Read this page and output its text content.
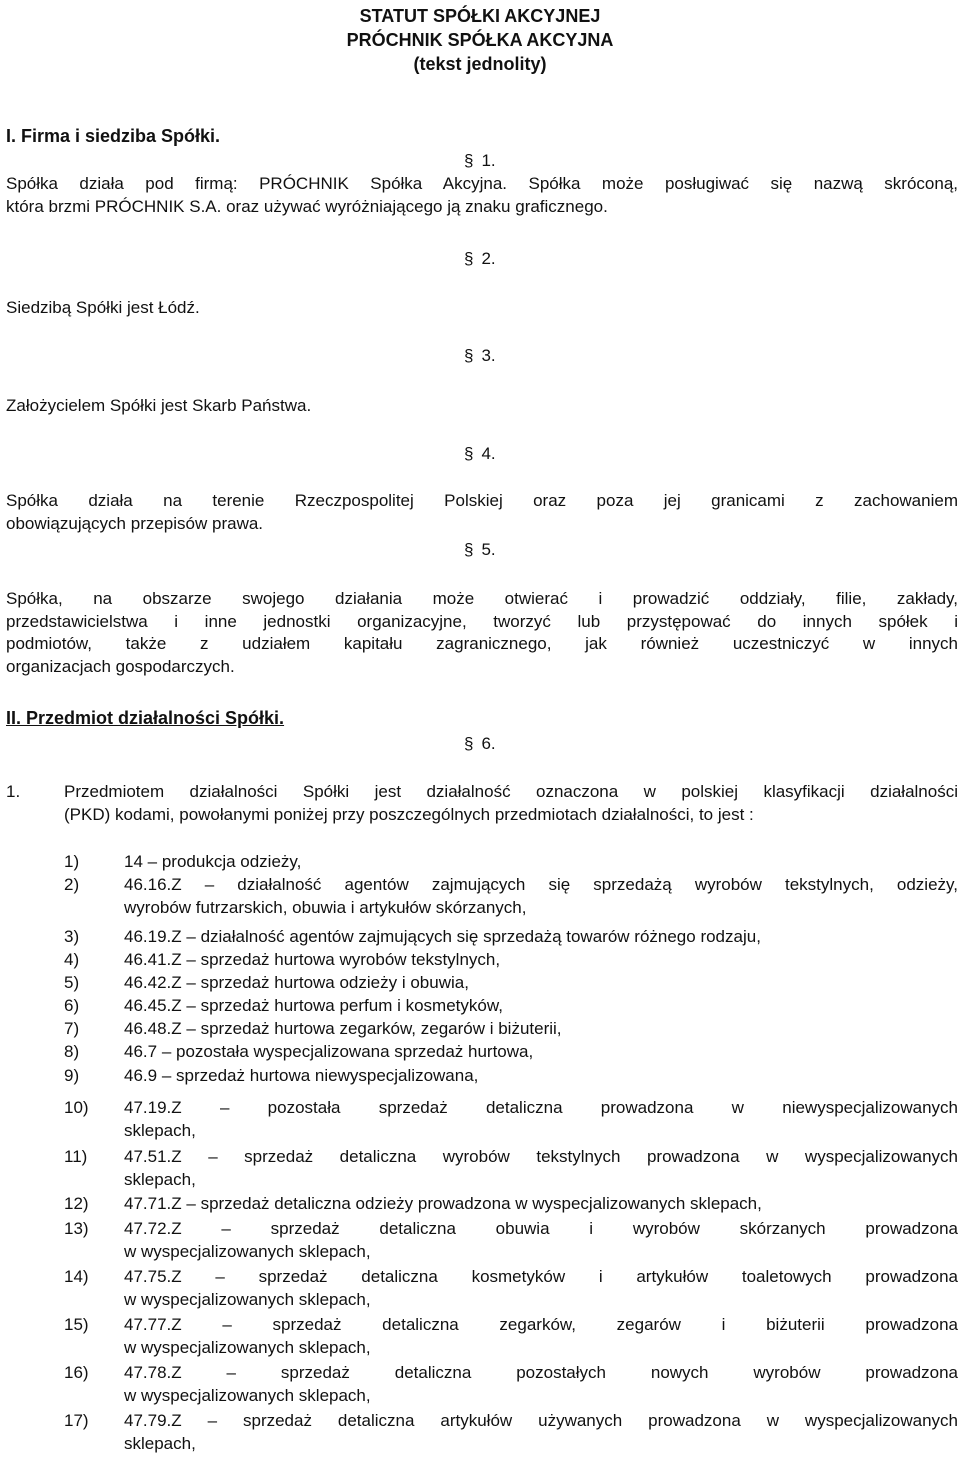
STATUT SPÓŁKI AKCYJNEJ
PRÓCHNIK SPÓŁKA AKCYJNA
(tekst jednolity)
I. Firma i siedziba Spółki.
§ 1.
Spółka działa pod firmą: PRÓCHNIK Spółka Akcyjna. Spółka może posługiwać się nazwą skróconą,
która brzmi PRÓCHNIK S.A. oraz używać wyróżniającego ją znaku graficznego.
§ 2.
Siedzibą Spółki jest Łódź.
§ 3.
Założycielem Spółki jest Skarb Państwa.
§ 4.
Spółka działa na terenie Rzeczpospolitej Polskiej oraz poza jej granicami z zachowaniem
obowiązujących przepisów prawa.
§ 5.
Spółka, na obszarze swojego działania może otwierać i prowadzić oddziały, filie, zakłady,
przedstawicielstwa i inne jednostki organizacyjne, tworzyć lub przystępować do innych spółek i
podmiotów, także z udziałem kapitału zagranicznego, jak również uczestniczyć w innych
organizacjach gospodarczych.
II. Przedmiot działalności Spółki.
§ 6.
1.	Przedmiotem działalności Spółki jest działalność oznaczona w polskiej klasyfikacji działalności
(PKD) kodami, powołanymi poniżej przy poszczególnych przedmiotach działalności, to jest :
1)	14 – produkcja odzieży,
2)	46.16.Z – działalność agentów zajmujących się sprzedażą wyrobów tekstylnych, odzieży,
wyrobów futrzarskich, obuwia i artykułów skórzanych,
3)	46.19.Z – działalność agentów zajmujących się sprzedażą towarów różnego rodzaju,
4)	46.41.Z – sprzedaż hurtowa wyrobów tekstylnych,
5)	46.42.Z – sprzedaż hurtowa odzieży i obuwia,
6)	46.45.Z – sprzedaż hurtowa perfum i kosmetyków,
7)	46.48.Z – sprzedaż hurtowa zegarków, zegarów i biżuterii,
8)	46.7 – pozostała wyspecjalizowana sprzedaż hurtowa,
9)	46.9 – sprzedaż hurtowa niewyspecjalizowana,
10) 47.19.Z – pozostała sprzedaż detaliczna prowadzona w niewyspecjalizowanych
sklepach,
11) 47.51.Z – sprzedaż detaliczna wyrobów tekstylnych prowadzona w wyspecjalizowanych
sklepach,
12) 47.71.Z – sprzedaż detaliczna odzieży prowadzona w wyspecjalizowanych sklepach,
13) 47.72.Z – sprzedaż detaliczna obuwia i wyrobów skórzanych prowadzona
w wyspecjalizowanych sklepach,
14) 47.75.Z – sprzedaż detaliczna kosmetyków i artykułów toaletowych prowadzona
w wyspecjalizowanych sklepach,
15) 47.77.Z – sprzedaż detaliczna zegarków, zegarów i biżuterii prowadzona
w wyspecjalizowanych sklepach,
16) 47.78.Z	– sprzedaż detaliczna pozostałych nowych wyrobów prowadzona
w wyspecjalizowanych sklepach,
17) 47.79.Z – sprzedaż detaliczna artykułów używanych prowadzona w wyspecjalizowanych
sklepach,
